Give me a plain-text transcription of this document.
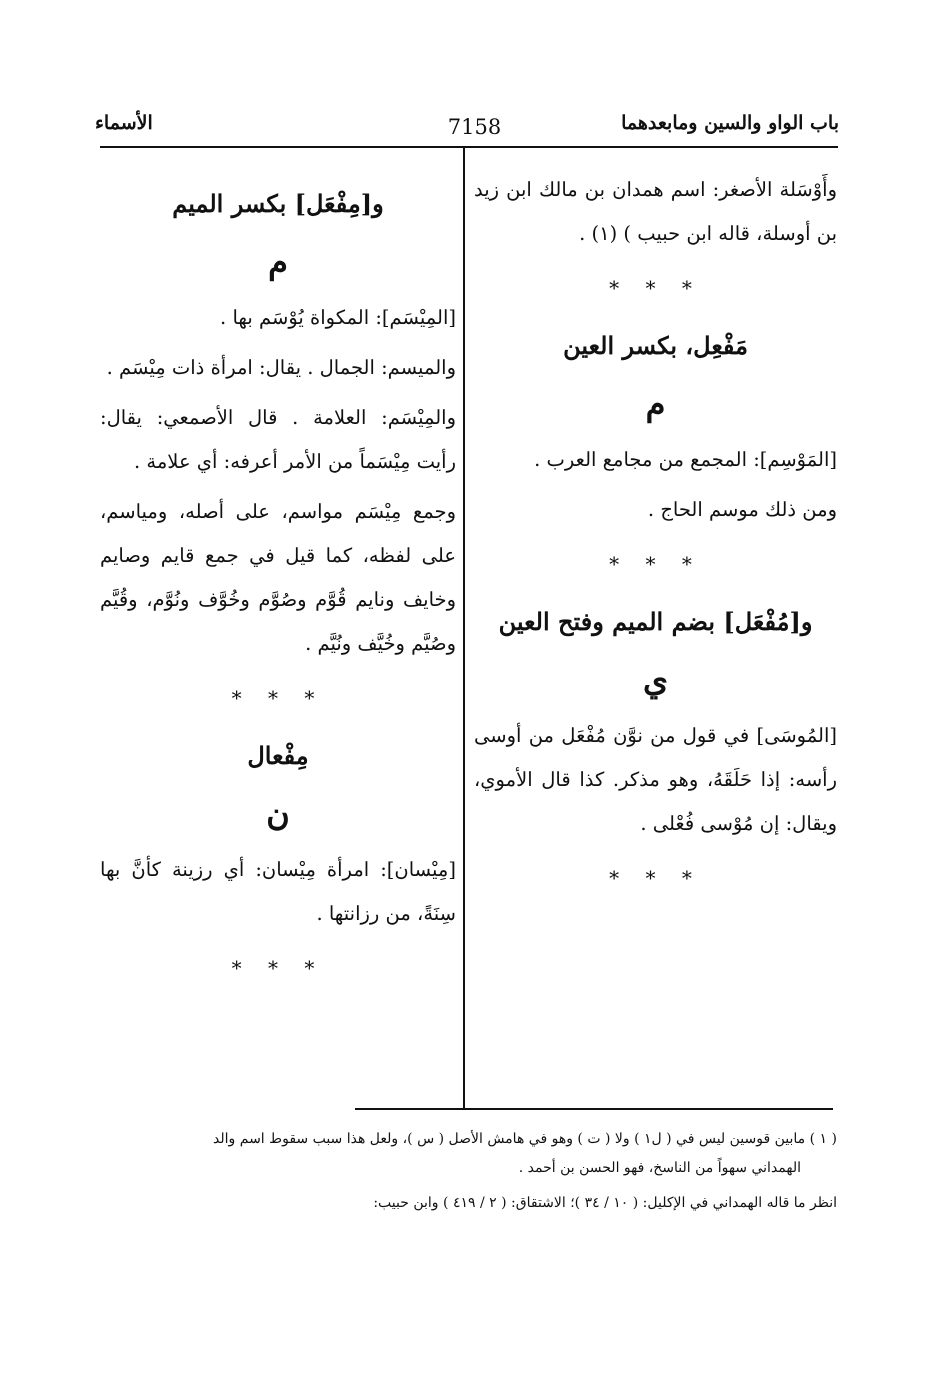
باب الواو والسين ومابعدهما
7158
الأسماء

وأَوْسَلة الأصغر: اسم همدان بن مالك ابن زيد بن أوسلة، قاله ابن حبيب ) (١) .

* * *
مَفْعِل، بكسر العين
م

[المَوْسِم]: المجمع من مجامع العرب .

ومن ذلك موسم الحاج .

* * *
و[مُفْعَل] بضم الميم وفتح العين
ي

[المُوسَى] في قول من نوَّن مُفْعَل من أوسى رأسه: إذا حَلَقَهُ، وهو مذكر. كذا قال الأموي، ويقال: إن مُوْسى فُعْلى .

* * *
و[مِفْعَل] بكسر الميم
م

[المِيْسَم]: المكواة يُوْسَم بها .

والميسم: الجمال . يقال: امرأة ذات مِيْسَم .

والمِيْسَم: العلامة . قال الأصمعي: يقال: رأيت مِيْسَماً من الأمر أعرفه: أي علامة .

وجمع مِيْسَم مواسم، على أصله، ومياسم، على لفظه، كما قيل في جمع قايم وصايم وخايف ونايم قُوَّم وصُوَّم وخُوَّف ونُوَّم، وقُيَّم وصُيَّم وخُيَّف ونُيَّم .

* * *
مِفْعال
ن

[مِيْسان]: امرأة مِيْسان: أي رزينة كأنَّ بها سِنَةً، من رزانتها .

* * *
( ١ ) مابين قوسين ليس في ( ل١ ) ولا ( ت ) وهو في هامش الأصل ( س )، ولعل هذا سبب سقوط اسم والد
الهمداني سهواً من الناسخ، فهو الحسن بن أحمد .
انظر ما قاله الهمداني في الإكليل: ( ١٠ / ٣٤ )؛ الاشتقاق: ( ٢ / ٤١٩ ) وابن حبيب:
